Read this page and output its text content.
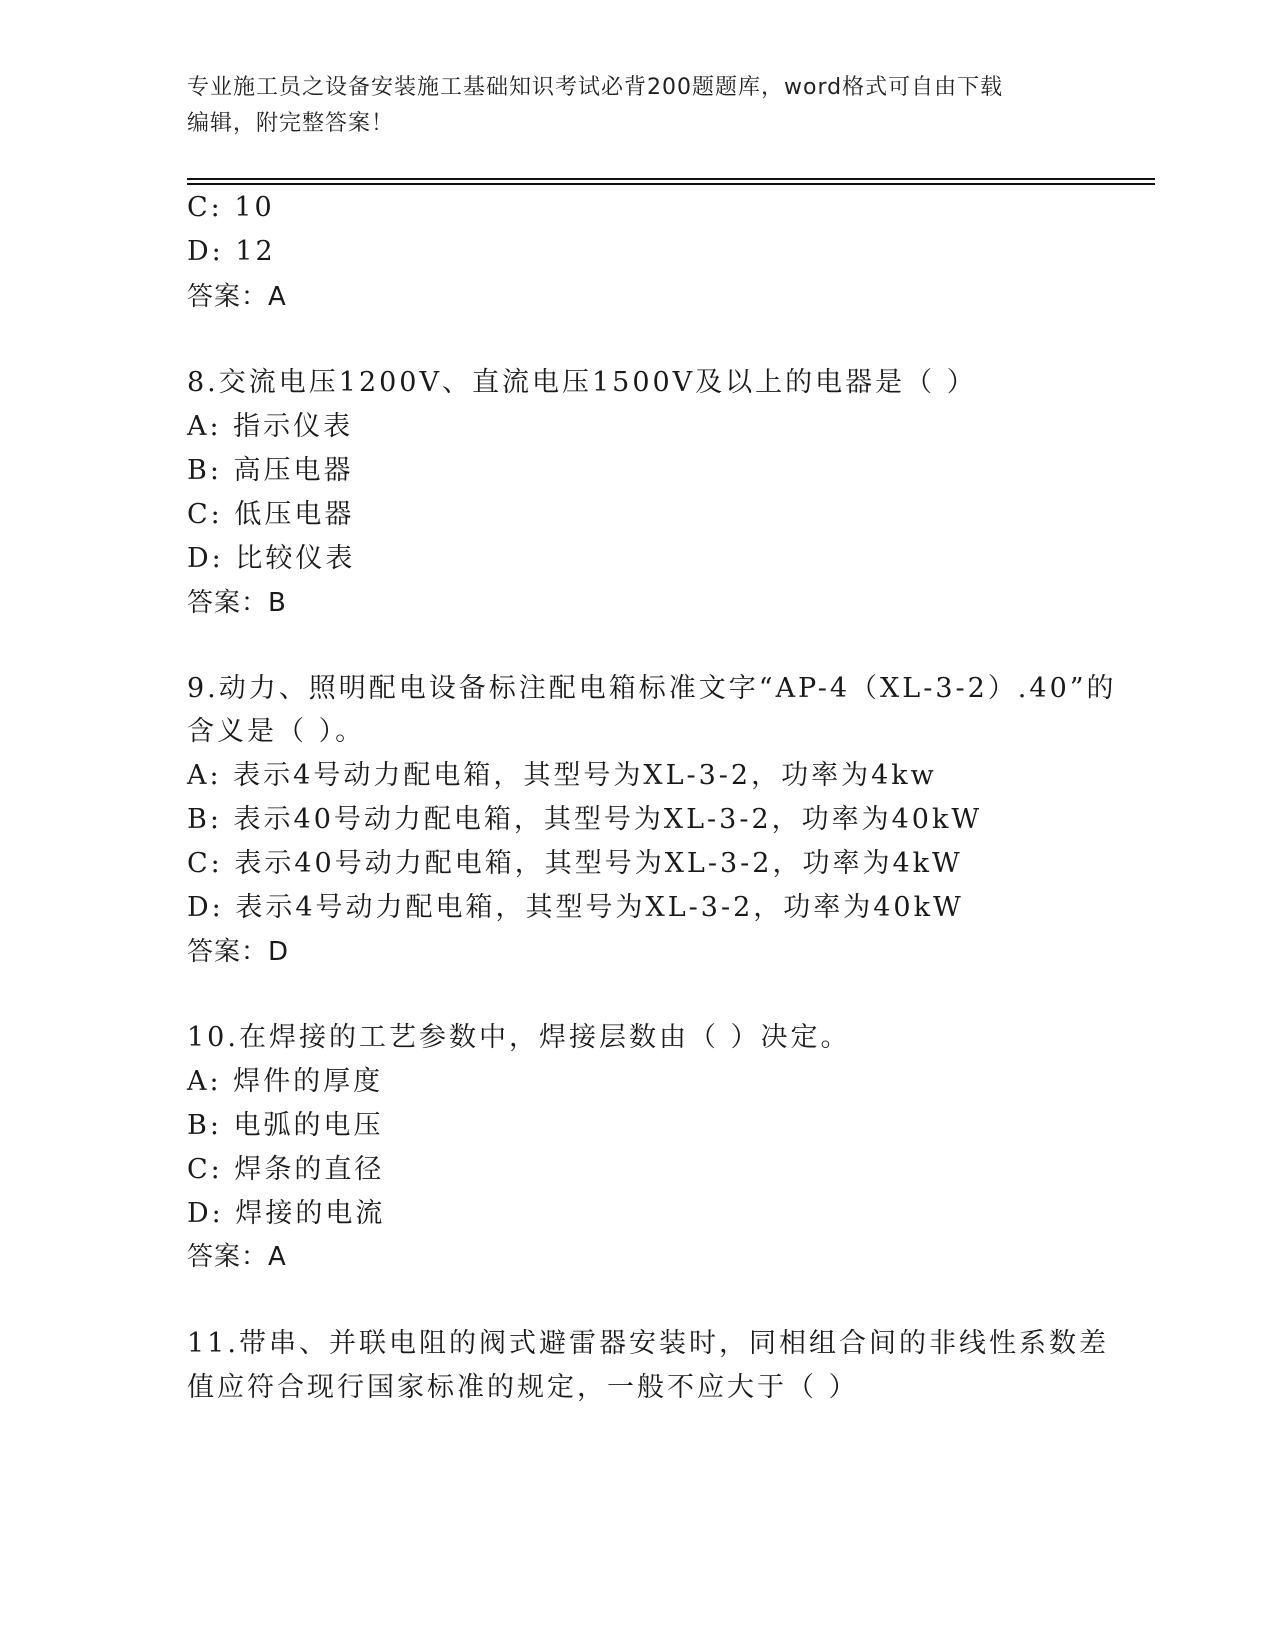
专业施工员之设备安装施工基础知识考试必背200题题库，word格式可自由下载
编辑，附完整答案！
C: 10
D: 12
答案：A
8.交流电压1200V、直流电压1500V及以上的电器是（ ）
A: 指示仪表
B: 高压电器
C: 低压电器
D: 比较仪表
答案：B
9.动力、照明配电设备标注配电箱标准文字“AP-4（XL-3-2）.40”的
含义是（ ）。
A: 表示4号动力配电箱，其型号为XL-3-2，功率为4kw
B: 表示40号动力配电箱，其型号为XL-3-2，功率为40kW
C: 表示40号动力配电箱，其型号为XL-3-2，功率为4kW
D: 表示4号动力配电箱，其型号为XL-3-2，功率为40kW
答案：D
10.在焊接的工艺参数中，焊接层数由（ ）决定。
A: 焊件的厚度
B: 电弧的电压
C: 焊条的直径
D: 焊接的电流
答案：A
11.带串、并联电阻的阀式避雷器安装时，同相组合间的非线性系数差
值应符合现行国家标准的规定，一般不应大于（ ）
